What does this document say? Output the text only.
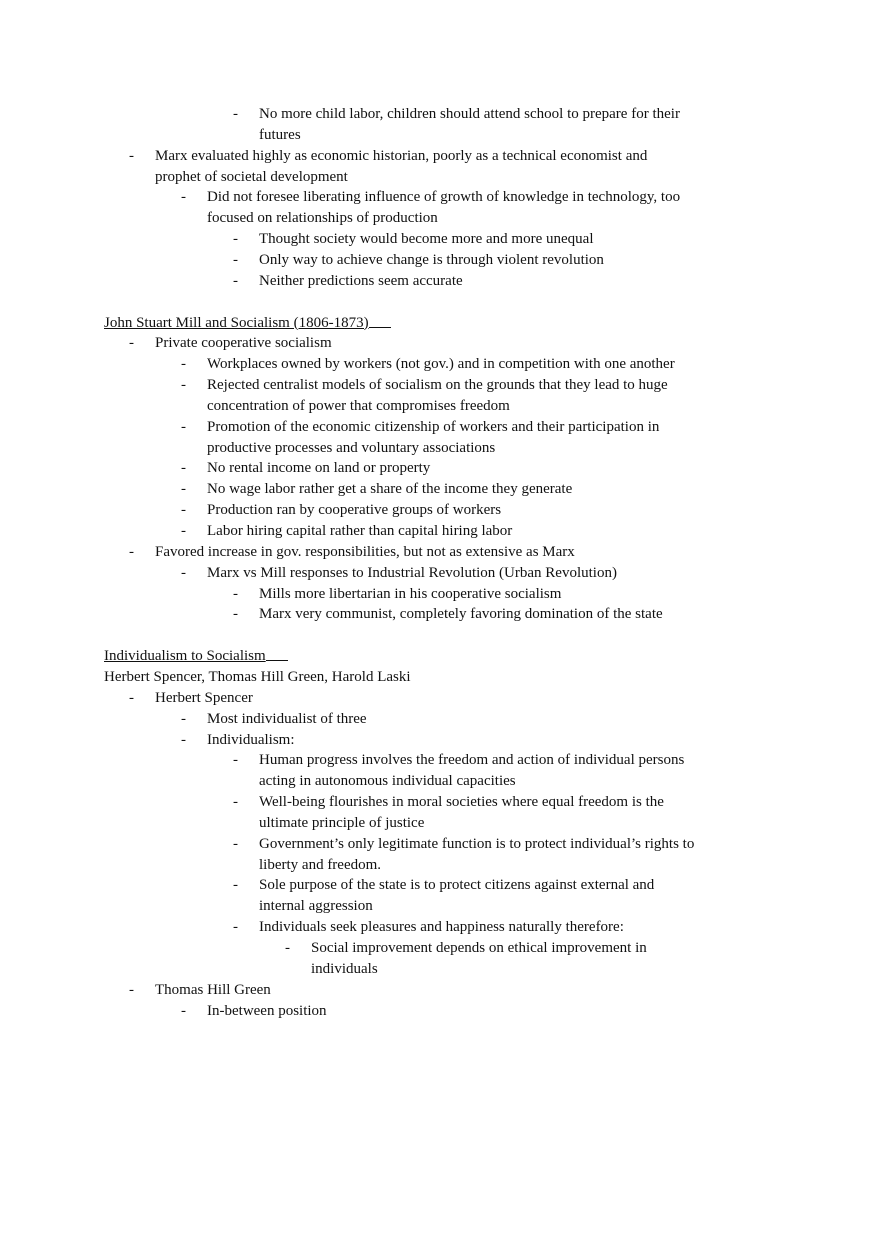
- No more child labor, children should attend school to prepare for their
futures
- Marx evaluated highly as economic historian, poorly as a technical economist and
prophet of societal development
- Did not foresee liberating influence of growth of knowledge in technology, too
focused on relationships of production
- Thought society would become more and more unequal
- Only way to achieve change is through violent revolution
- Neither predictions seem accurate
John Stuart Mill and Socialism (1806-1873)
- Private cooperative socialism
- Workplaces owned by workers (not gov.) and in competition with one another
- Rejected centralist models of socialism on the grounds that they lead to huge
concentration of power that compromises freedom
- Promotion of the economic citizenship of workers and their participation in
productive processes and voluntary associations
- No rental income on land or property
- No wage labor rather get a share of the income they generate
- Production ran by cooperative groups of workers
- Labor hiring capital rather than capital hiring labor
- Favored increase in gov. responsibilities, but not as extensive as Marx
- Marx vs Mill responses to Industrial Revolution (Urban Revolution)
- Mills more libertarian in his cooperative socialism
- Marx very communist, completely favoring domination of the state
Individualism to Socialism
Herbert Spencer, Thomas Hill Green, Harold Laski
- Herbert Spencer
- Most individualist of three
- Individualism:
- Human progress involves the freedom and action of individual persons
acting in autonomous individual capacities
- Well-being flourishes in moral societies where equal freedom is the
ultimate principle of justice
- Government’s only legitimate function is to protect individual’s rights to
liberty and freedom.
- Sole purpose of the state is to protect citizens against external and
internal aggression
- Individuals seek pleasures and happiness naturally therefore:
- Social improvement depends on ethical improvement in
individuals
- Thomas Hill Green
- In-between position
